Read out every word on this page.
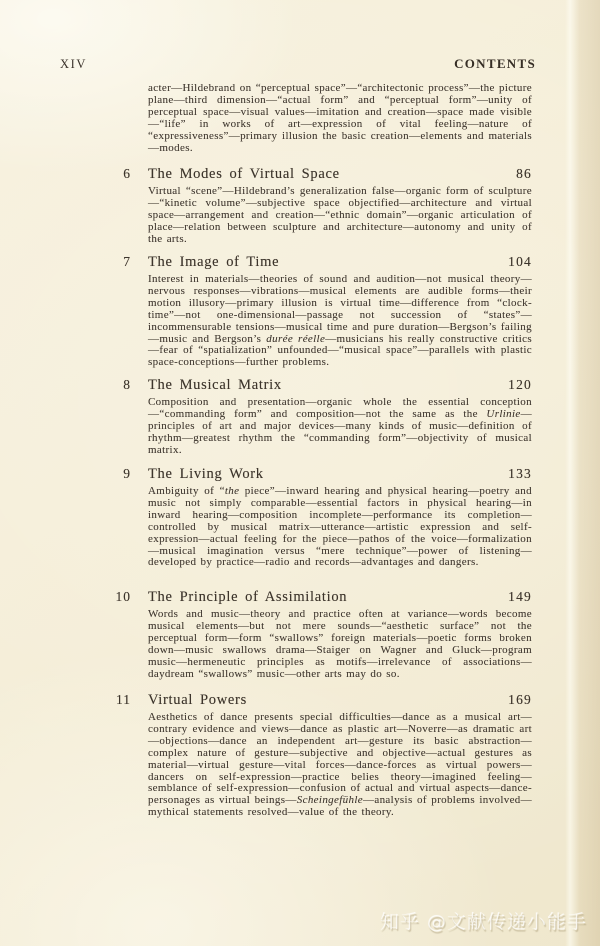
XIV	CONTENTS

acter—Hildebrand on “perceptual space”—“architectonic process”—the picture plane—third dimension—“actual form” and “perceptual form”—unity of perceptual space—visual values—imitation and creation—space made visible—“life” in works of art—expression of vital feeling—nature of “expressiveness”—primary illusion the basic creation—elements and materials—modes.

6 The Modes of Virtual Space	86

Virtual “scene”—Hildebrand’s generalization false—organic form of sculpture—“kinetic volume”—subjective space objectified—architecture and virtual space—arrangement and creation—“ethnic domain”—organic articulation of place—relation between sculpture and architecture—autonomy and unity of the arts.

7 The Image of Time	104

Interest in materials—theories of sound and audition—not musical theory—nervous responses—vibrations—musical elements are audible forms—their motion illusory—primary illusion is virtual time—difference from “clock-time”—not one-dimensional—passage not succession of “states”—incommensurable tensions—musical time and pure duration—Bergson’s failing—music and Bergson’s durée réelle—musicians his really constructive critics—fear of “spatialization” unfounded—“musical space”—parallels with plastic space-conceptions—further problems.

8 The Musical Matrix	120

Composition and presentation—organic whole the essential conception—“commanding form” and composition—not the same as the Urlinie—principles of art and major devices—many kinds of music—definition of rhythm—greatest rhythm the “commanding form”—objectivity of musical matrix.

9 The Living Work	133

Ambiguity of “the piece”—inward hearing and physical hearing—poetry and music not simply comparable—essential factors in physical hearing—in inward hearing—composition incomplete—performance its completion—controlled by musical matrix—utterance—artistic expression and self-expression—actual feeling for the piece—pathos of the voice—formalization—musical imagination versus “mere technique”—power of listening—developed by practice—radio and records—advantages and dangers.

10 The Principle of Assimilation	149

Words and music—theory and practice often at variance—words become musical elements—but not mere sounds—“aesthetic surface” not the perceptual form—form “swallows” foreign materials—poetic forms broken down—music swallows drama—Staiger on Wagner and Gluck—program music—hermeneutic principles as motifs—irrelevance of associations—daydream “swallows” music—other arts may do so.

11 Virtual Powers	169

Aesthetics of dance presents special difficulties—dance as a musical art—contrary evidence and views—dance as plastic art—Noverre—as dramatic art—objections—dance an independent art—gesture its basic abstraction—complex nature of gesture—subjective and objective—actual gestures as material—virtual gesture—vital forces—dance-forces as virtual powers—dancers on self-expression—practice belies theory—imagined feeling—semblance of self-expression—confusion of actual and virtual aspects—dance-personages as virtual beings—Scheingefühle—analysis of problems involved—mythical statements resolved—value of the theory.

知乎 @文献传递小能手
